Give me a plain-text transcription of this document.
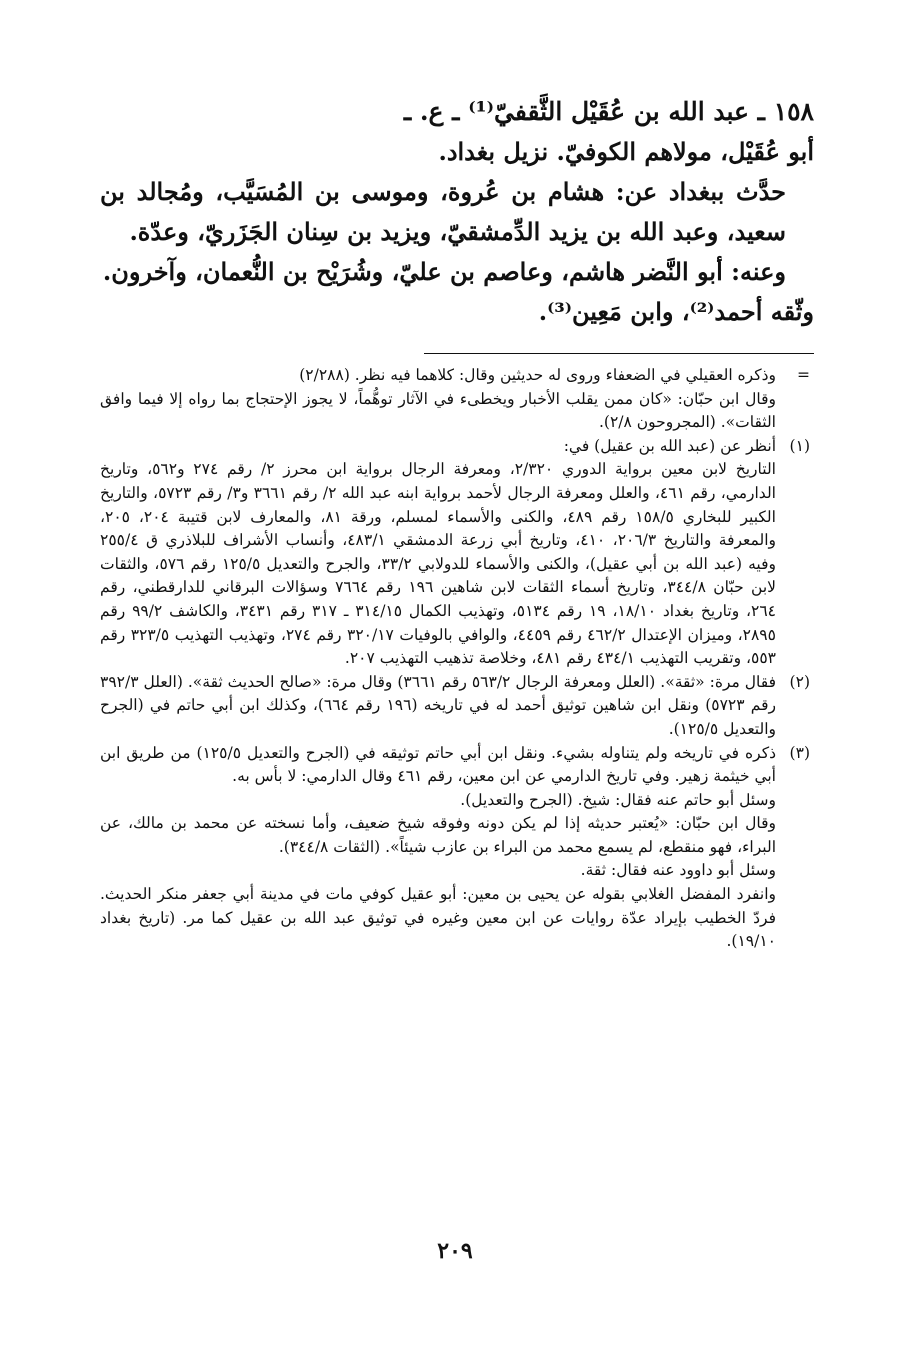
١٥٨ ـ عبد الله بن عُقَيْل الثَّقفيّ⁽¹⁾ ـ ع. ـ

أبو عُقَيْل، مولاهم الكوفيّ. نزيل بغداد.

حدَّث ببغداد عن: هشام بن عُروة، وموسى بن المُسَيَّب، ومُجالد بن سعيد، وعبد الله بن يزيد الدِّمشقيّ، ويزيد بن سِنان الجَزَريّ، وعدّة.

وعنه: أبو النَّضر هاشم، وعاصم بن عليّ، وشُرَيْح بن النُّعمان، وآخرون.

وثّقه أحمد⁽²⁾، وابن مَعِين⁽³⁾.

=

وذكره العقيلي في الضعفاء وروى له حديثين وقال: كلاهما فيه نظر. (٢/٢٨٨)

وقال ابن حبّان: «كان ممن يقلب الأخبار ويخطىء في الآثار توهُّماً، لا يجوز الإحتجاج بما رواه إلا فيما وافق الثقات». (المجروحون ٢/٨).

(١)

أنظر عن (عبد الله بن عقيل) في:

التاريخ لابن معين برواية الدوري ٢/٣٢٠، ومعرفة الرجال برواية ابن محرز ٢/ رقم ٢٧٤ و٥٦٢، وتاريخ الدارمي، رقم ٤٦١، والعلل ومعرفة الرجال لأحمد برواية ابنه عبد الله ٢/ رقم ٣٦٦١ و٣/ رقم ٥٧٢٣، والتاريخ الكبير للبخاري ١٥٨/٥ رقم ٤٨٩، والكنى والأسماء لمسلم، ورقة ٨١، والمعارف لابن قتيبة ٢٠٤، ٢٠٥، والمعرفة والتاريخ ٢٠٦/٣، ٤١٠، وتاريخ أبي زرعة الدمشقي ٤٨٣/١، وأنساب الأشراف للبلاذري ق ٢٥٥/٤ وفيه (عبد الله بن أبي عقيل)، والكنى والأسماء للدولابي ٣٣/٢، والجرح والتعديل ١٢٥/٥ رقم ٥٧٦، والثقات لابن حبّان ٣٤٤/٨، وتاريخ أسماء الثقات لابن شاهين ١٩٦ رقم ٧٦٦٤ وسؤالات البرقاني للدارقطني، رقم ٢٦٤، وتاريخ بغداد ١٨/١٠، ١٩ رقم ٥١٣٤، وتهذيب الكمال ٣١٤/١٥ ـ ٣١٧ رقم ٣٤٣١، والكاشف ٩٩/٢ رقم ٢٨٩٥، وميزان الإعتدال ٤٦٢/٢ رقم ٤٤٥٩، والوافي بالوفيات ٣٢٠/١٧ رقم ٢٧٤، وتهذيب التهذيب ٣٢٣/٥ رقم ٥٥٣، وتقريب التهذيب ٤٣٤/١ رقم ٤٨١، وخلاصة تذهيب التهذيب ٢٠٧.

(٢)

فقال مرة: «ثقة». (العلل ومعرفة الرجال ٥٦٣/٢ رقم ٣٦٦١) وقال مرة: «صالح الحديث ثقة». (العلل ٣٩٢/٣ رقم ٥٧٢٣) ونقل ابن شاهين توثيق أحمد له في تاريخه (١٩٦ رقم ٦٦٤)، وكذلك ابن أبي حاتم في (الجرح والتعديل ١٢٥/٥).

(٣)

ذكره في تاريخه ولم يتناوله بشيء. ونقل ابن أبي حاتم توثيقه في (الجرح والتعديل ١٢٥/٥) من طريق ابن أبي خيثمة زهير. وفي تاريخ الدارمي عن ابن معين، رقم ٤٦١ وقال الدارمي: لا بأس به.

وسئل أبو حاتم عنه فقال: شيخ. (الجرح والتعديل).

وقال ابن حبّان: «يُعتبر حديثه إذا لم يكن دونه وفوقه شيخ ضعيف، وأما نسخته عن محمد بن مالك، عن البراء، فهو منقطع، لم يسمع محمد من البراء بن عازب شيئاً». (الثقات ٣٤٤/٨).

وسئل أبو داوود عنه فقال: ثقة.

وانفرد المفضل الغلابي بقوله عن يحيى بن معين: أبو عقيل كوفي مات في مدينة أبي جعفر منكر الحديث. فردّ الخطيب بإيراد عدّة روايات عن ابن معين وغيره في توثيق عبد الله بن عقيل كما مر. (تاريخ بغداد ١٩/١٠).

٢٠٩
